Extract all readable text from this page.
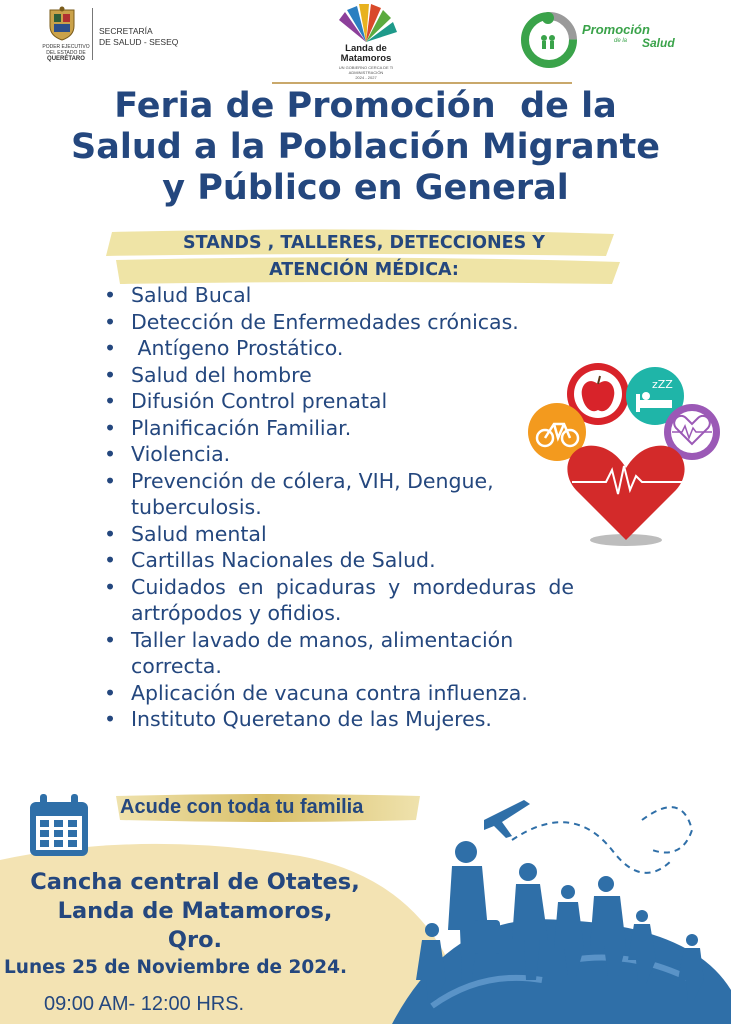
PODER EJECUTIVO
DEL ESTADO DE
QUERÉTARO
SECRETARÍA
DE SALUD - SESEQ
Landa de
Matamoros
UN GOBIERNO CERCA DE TI
ADMINISTRACIÓN
2024 - 2027
Promoción
de la Salud
Feria de Promoción  de la
Salud a la Población Migrante
y Público en General
STANDS , TALLERES, DETECCIONES Y
ATENCIÓN MÉDICA:
• Salud Bucal
• Detección de Enfermedades crónicas.
•  Antígeno Prostático.
• Salud del hombre
• Difusión Control prenatal
• Planificación Familiar.
• Violencia.
• Prevención de cólera, VIH, Dengue, tuberculosis.
• Salud mental
• Cartillas Nacionales de Salud.
• Cuidados en picaduras y mordeduras de artrópodos y ofidios.
• Taller lavado de manos, alimentación correcta.
• Aplicación de vacuna contra influenza.
• Instituto Queretano de las Mujeres.
zZZ
Acude con toda tu familia
Cancha central de Otates,
Landa de Matamoros,
Qro.
Lunes 25 de Noviembre de 2024.
09:00 AM- 12:00 HRS.
